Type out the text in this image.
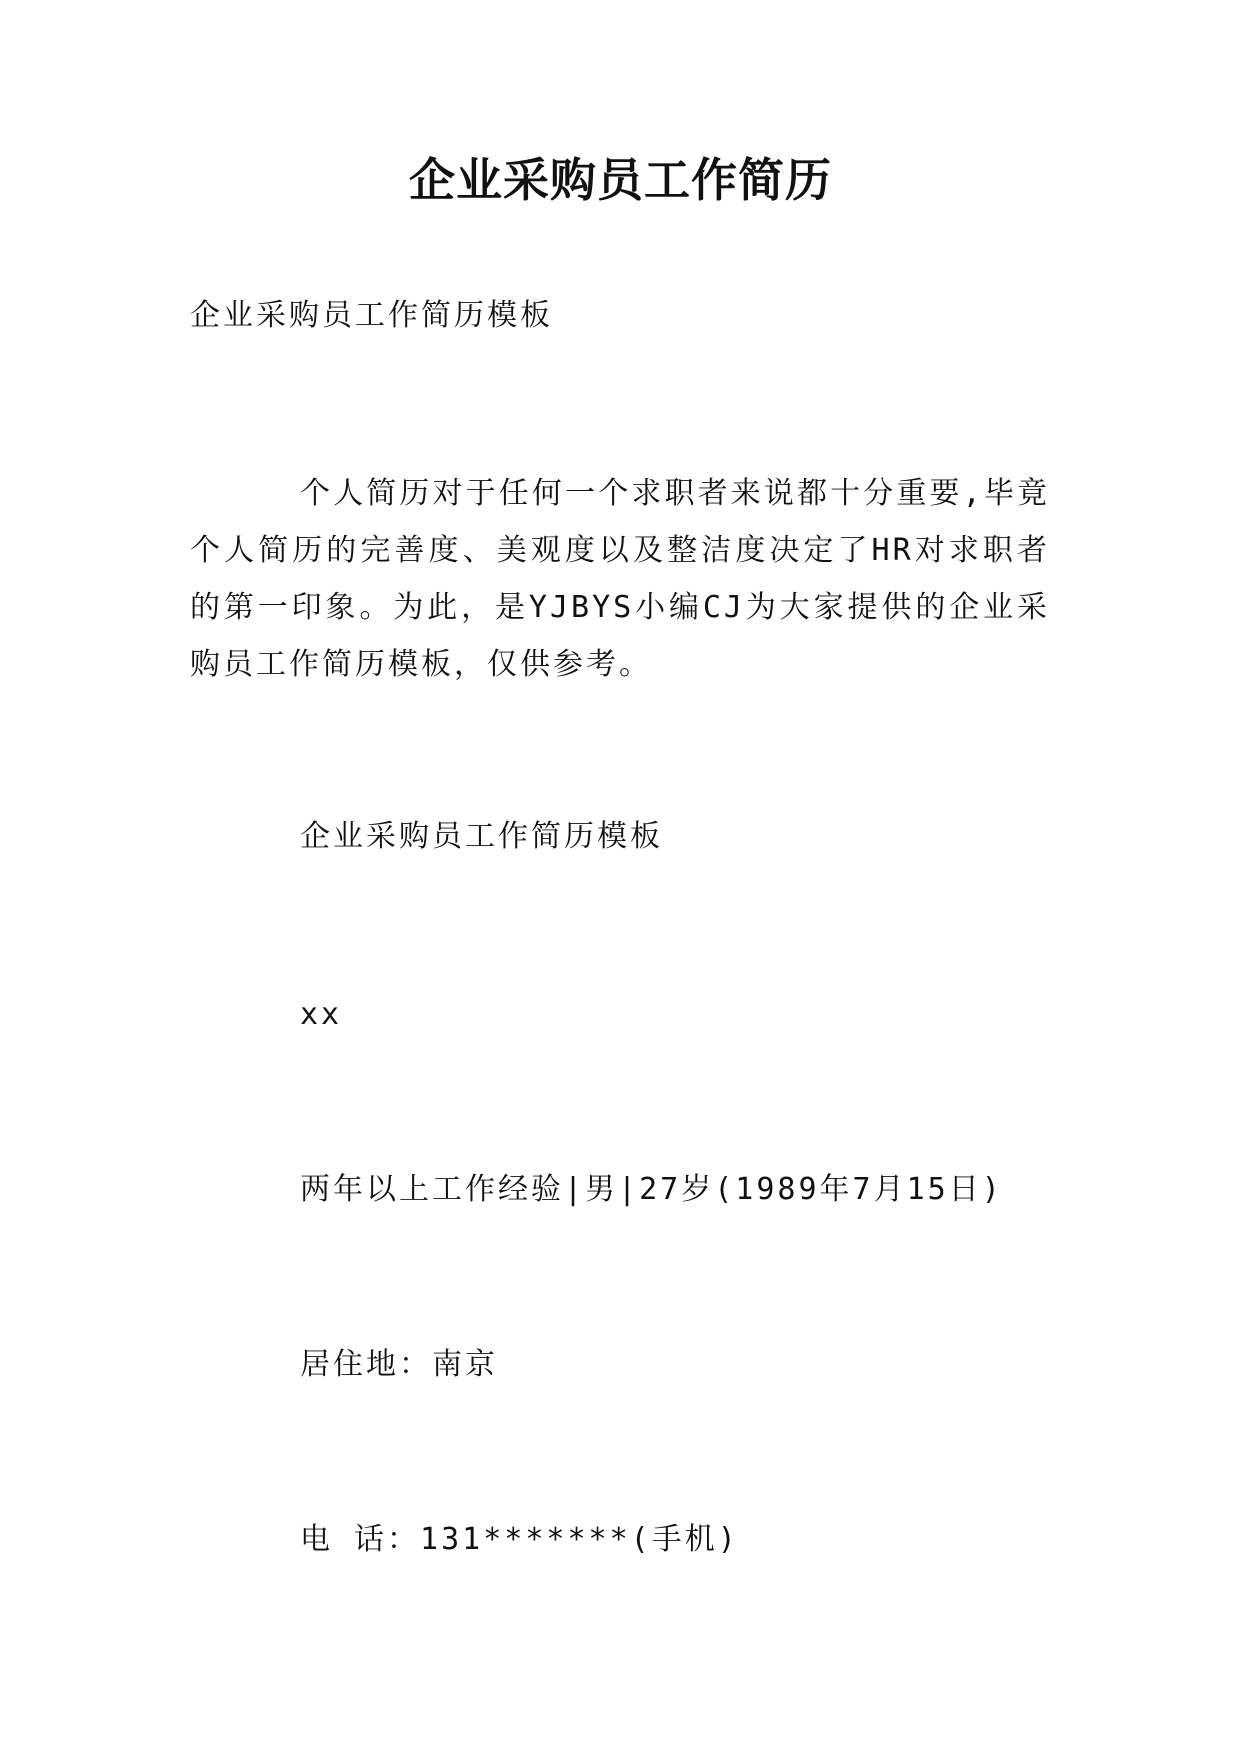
企业采购员工作简历
企业采购员工作简历模板

个人简历对于任何一个求职者来说都十分重要,毕竟个人简历的完善度、美观度以及整洁度决定了HR对求职者的第一印象。为此，是YJBYS小编CJ为大家提供的企业采购员工作简历模板，仅供参考。

企业采购员工作简历模板
xx
两年以上工作经验|男|27岁(1989年7月15日)
居住地：南京
电 话：131*******(手机)
